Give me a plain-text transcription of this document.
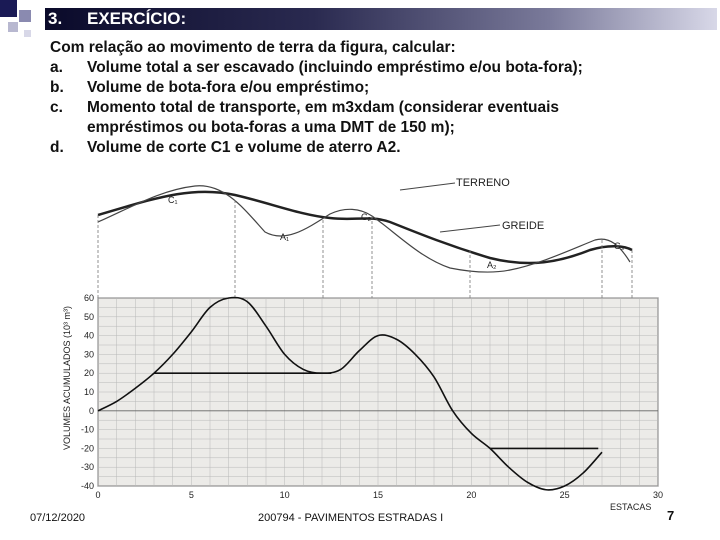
3. EXERCÍCIO:
Com relação ao movimento de terra da figura, calcular:
a. Volume total a ser escavado (incluindo empréstimo e/ou bota-fora);
b. Volume de bota-fora e/ou empréstimo;
c. Momento total de transporte, em m3xdam (considerar eventuais
empréstimos ou bota-foras a uma DMT de 150 m);
d. Volume de corte C1 e volume de aterro A2.
TERRENO
GREIDE
C₁
A₁
C₂
A₂
C₃
60
50
40
30
20
10
0
-10
-20
-30
-40
0	5	10	15	20	25	30
VOLUMES ACUMULADOS (10³ m³)
ESTACAS
07/12/2020	200794 - PAVIMENTOS ESTRADAS I	7
